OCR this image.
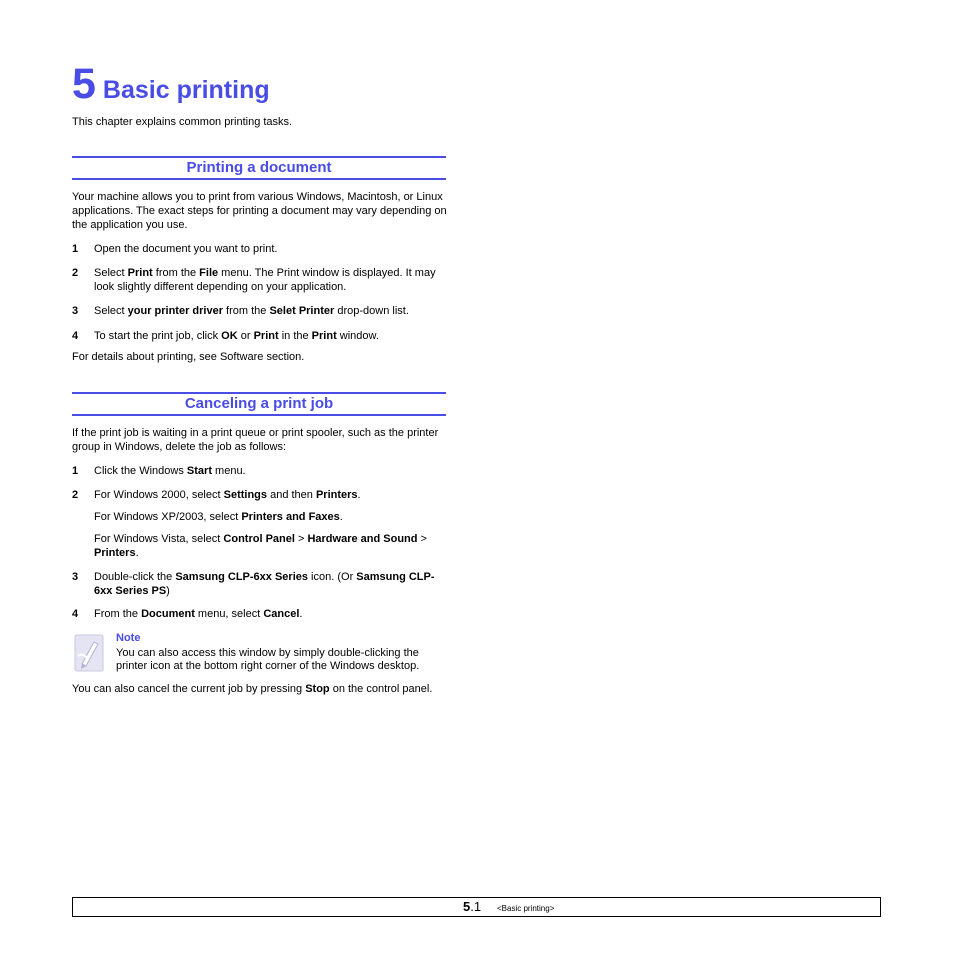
5 Basic printing
This chapter explains common printing tasks.
Printing a document
Your machine allows you to print from various Windows, Macintosh, or Linux applications. The exact steps for printing a document may vary depending on the application you use.
1 Open the document you want to print.
2 Select Print from the File menu. The Print window is displayed. It may look slightly different depending on your application.
3 Select your printer driver from the Selet Printer drop-down list.
4 To start the print job, click OK or Print in the Print window.
For details about printing, see Software section.
Canceling a print job
If the print job is waiting in a print queue or print spooler, such as the printer group in Windows, delete the job as follows:
1 Click the Windows Start menu.
2 For Windows 2000, select Settings and then Printers.
For Windows XP/2003, select Printers and Faxes.
For Windows Vista, select Control Panel > Hardware and Sound > Printers.
3 Double-click the Samsung CLP-6xx Series icon. (Or Samsung CLP-6xx Series PS)
4 From the Document menu, select Cancel.
Note
You can also access this window by simply double-clicking the printer icon at the bottom right corner of the Windows desktop.
You can also cancel the current job by pressing Stop on the control panel.
5.1 <Basic printing>
